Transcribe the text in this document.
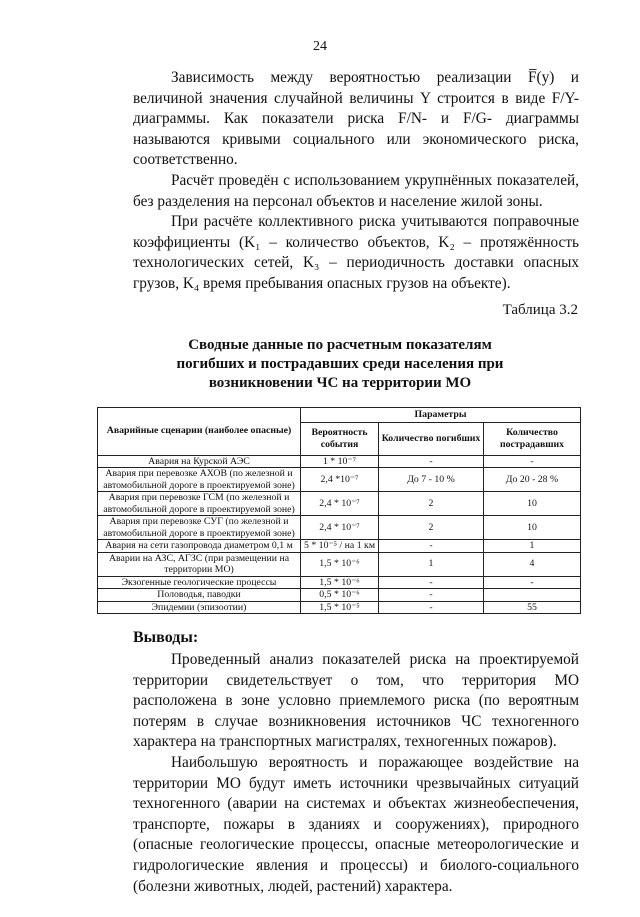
24

Зависимость между вероятностью реализации F̅(y) и величиной значения случайной величины Y строится в виде F/Y-диаграммы. Как показатели риска F/N- и F/G- диаграммы называются кривыми социального или экономического риска, соответственно.

Расчёт проведён с использованием укрупнённых показателей, без разделения на персонал объектов и население жилой зоны.

При расчёте коллективного риска учитываются поправочные коэффициенты (K₁ – количество объектов, K₂ – протяжённость технологических сетей, K₃ – периодичность доставки опасных грузов, K₄ время пребывания опасных грузов на объекте).

Таблица 3.2
Сводные данные по расчетным показателям погибших и пострадавших среди населения при возникновении ЧС на территории МО
Аварийные сценарии (наиболее опасные)	Параметры		
	Вероятность события	Количество погибших	Количество пострадавших
Авария на Курской АЭС	1 * 10⁻⁷	-	-
Авария при перевозке АХОВ (по железной и автомобильной дороге в проектируемой зоне)	2,4 *10⁻⁷	До 7 - 10 %	До 20 - 28 %
Авария при перевозке ГСМ (по железной и автомобильной дороге в проектируемой зоне)	2,4 * 10⁻⁷	2	10
Авария при перевозке СУГ (по железной и автомобильной дороге в проектируемой зоне)	2,4 * 10⁻⁷	2	10
Авария на сети газопровода диаметром 0,1 м	5 * 10⁻⁵ / на 1 км	-	1
Аварии на АЗС, АГЗС (при размещении на территории МО)	1,5 * 10⁻⁶	1	4
Экзогенные геологические процессы	1,5 * 10⁻⁶	-	-
Половодья, паводки	0,5 * 10⁻⁶	-	
Эпидемии (эпизоотии)	1,5 * 10⁻⁵	-	55
Выводы:

Проведенный анализ показателей риска на проектируемой территории свидетельствует о том, что территория МО расположена в зоне условно приемлемого риска (по вероятным потерям в случае возникновения источников ЧС техногенного характера на транспортных магистралях, техногенных пожаров).

Наибольшую вероятность и поражающее воздействие на территории МО будут иметь источники чрезвычайных ситуаций техногенного (аварии на системах и объектах жизнеобеспечения, транспорте, пожары в зданиях и сооружениях), природного (опасные геологические процессы, опасные метеорологические и гидрологические явления и процессы) и биолого-социального (болезни животных, людей, растений) характера.
